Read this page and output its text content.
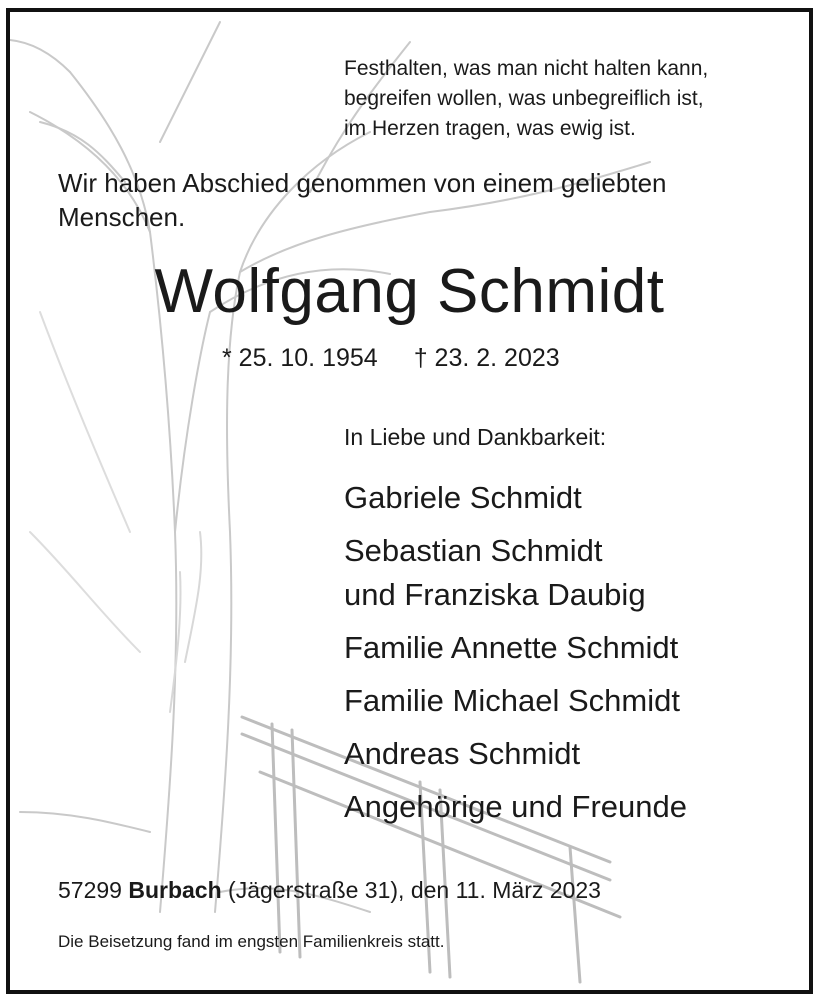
Festhalten, was man nicht halten kann,
begreifen wollen, was unbegreiflich ist,
im Herzen tragen, was ewig ist.
Wir haben Abschied genommen von einem geliebten
Menschen.
Wolfgang Schmidt
* 25. 10. 1954 † 23. 2. 2023
In Liebe und Dankbarkeit:
Gabriele Schmidt
Sebastian Schmidt
und Franziska Daubig
Familie Annette Schmidt
Familie Michael Schmidt
Andreas Schmidt
Angehörige und Freunde
57299 Burbach (Jägerstraße 31), den 11. März 2023
Die Beisetzung fand im engsten Familienkreis statt.
